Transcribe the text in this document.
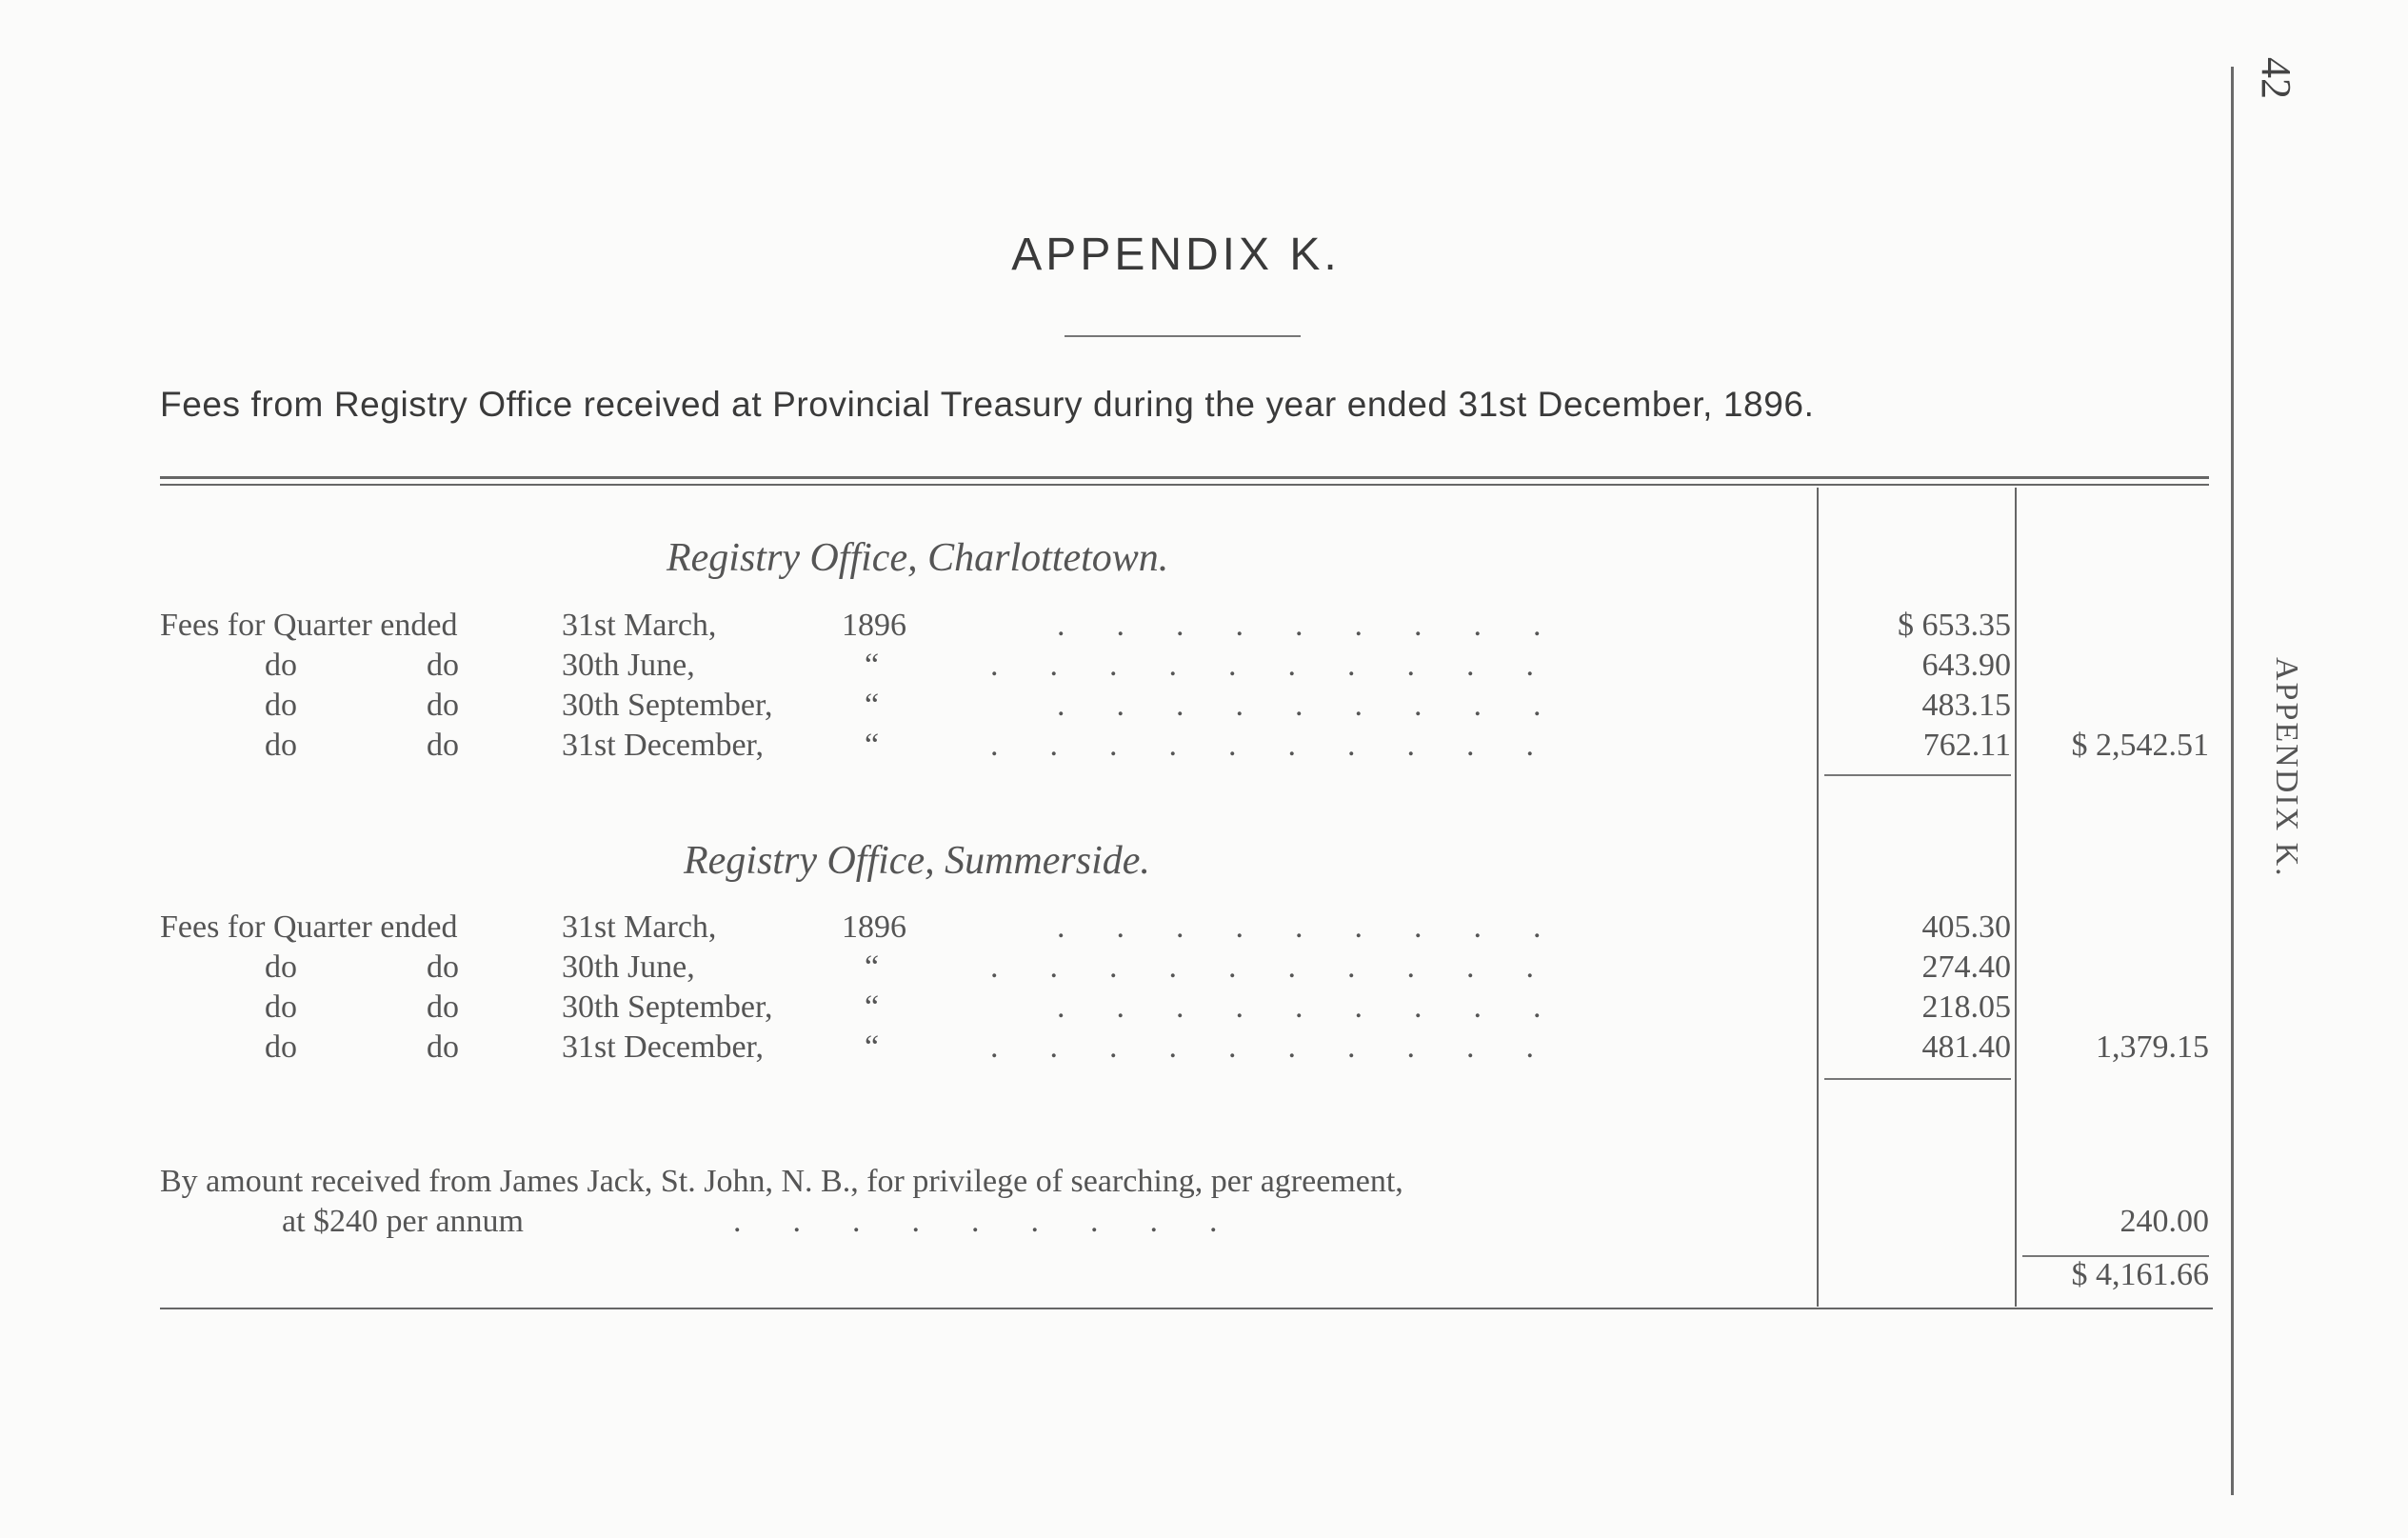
42
APPENDIX K.
APPENDIX K.
Fees from Registry Office received at Provincial Treasury during the year ended 31st December, 1896.
Registry Office, Charlottetown.
Fees for Quarter ended	31st March,	1896	.........	$ 653.35
do	do	30th June,	“	..........	643.90
do	do	30th September,	“	.........	483.15
do	do	31st December,	“	..........	762.11	$ 2,542.51
Registry Office, Summerside.
Fees for Quarter ended	31st March,	1896	.........	405.30
do	do	30th June,	“	..........	274.40
do	do	30th September,	“	.........	218.05
do	do	31st December,	“	..........	481.40	1,379.15
By amount received from James Jack, St. John, N. B., for privilege of searching, per agreement,
at $240 per annum	.........	240.00
$ 4,161.66
